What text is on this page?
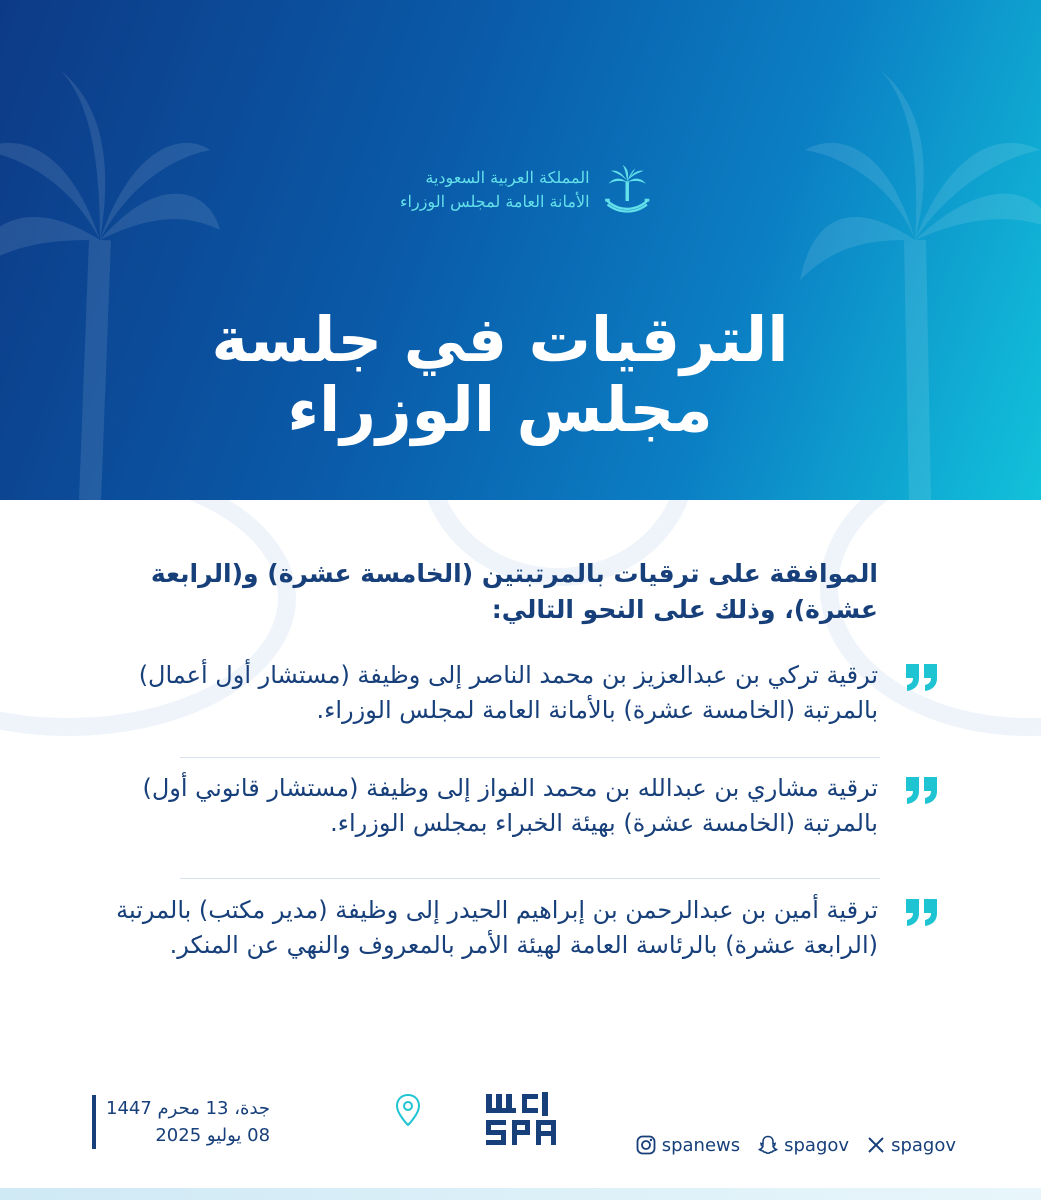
المملكة العربية السعودية
الأمانة العامة لمجلس الوزراء
الترقيات في جلسة
مجلس الوزراء
الموافقة على ترقيات بالمرتبتين (الخامسة عشرة) و(الرابعة عشرة)، وذلك على النحو التالي:
ترقية تركي بن عبدالعزيز بن محمد الناصر إلى وظيفة (مستشار أول أعمال) بالمرتبة (الخامسة عشرة) بالأمانة العامة لمجلس الوزراء.
ترقية مشاري بن عبدالله بن محمد الفواز إلى وظيفة (مستشار قانوني أول) بالمرتبة (الخامسة عشرة) بهيئة الخبراء بمجلس الوزراء.
ترقية أمين بن عبدالرحمن بن إبراهيم الحيدر إلى وظيفة (مدير مكتب) بالمرتبة (الرابعة عشرة) بالرئاسة العامة لهيئة الأمر بالمعروف والنهي عن المنكر.
جدة، 13 محرم 1447
08 يوليو 2025	spanews spagov spagov
